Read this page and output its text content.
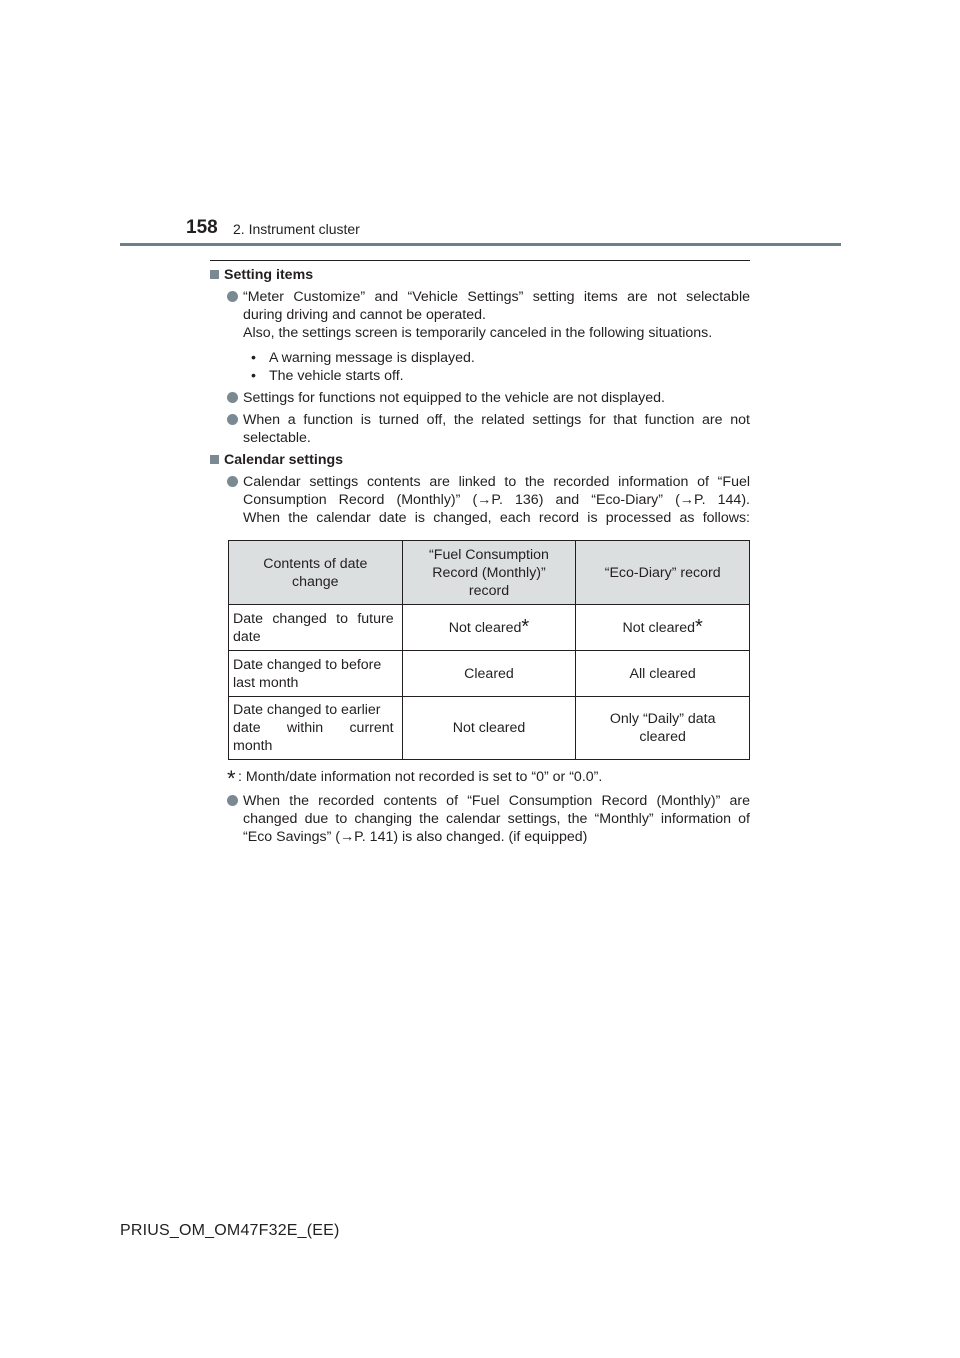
158 2. Instrument cluster
Setting items
“Meter Customize” and “Vehicle Settings” setting items are not selectable
during driving and cannot be operated.
Also, the settings screen is temporarily canceled in the following situations.
• A warning message is displayed.
• The vehicle starts off.
Settings for functions not equipped to the vehicle are not displayed.
When a function is turned off, the related settings for that function are not
selectable.
Calendar settings
Calendar settings contents are linked to the recorded information of “Fuel
Consumption Record (Monthly)” (→P. 136) and “Eco-Diary” (→P. 144).
When the calendar date is changed, each record is processed as follows:
Contents of date
change	“Fuel Consumption
Record (Monthly)”
record	“Eco-Diary” record

Date changed to future
date	Not cleared*	Not cleared*

Date changed to before
last month	Cleared	All cleared

Date changed to earlier
date within current
month	Not cleared	Only “Daily” data
cleared
* : Month/date information not recorded is set to “0” or “0.0”.
When the recorded contents of “Fuel Consumption Record (Monthly)” are
changed due to changing the calendar settings, the “Monthly” information of
“Eco Savings” (→P. 141) is also changed. (if equipped)
PRIUS_OM_OM47F32E_(EE)
